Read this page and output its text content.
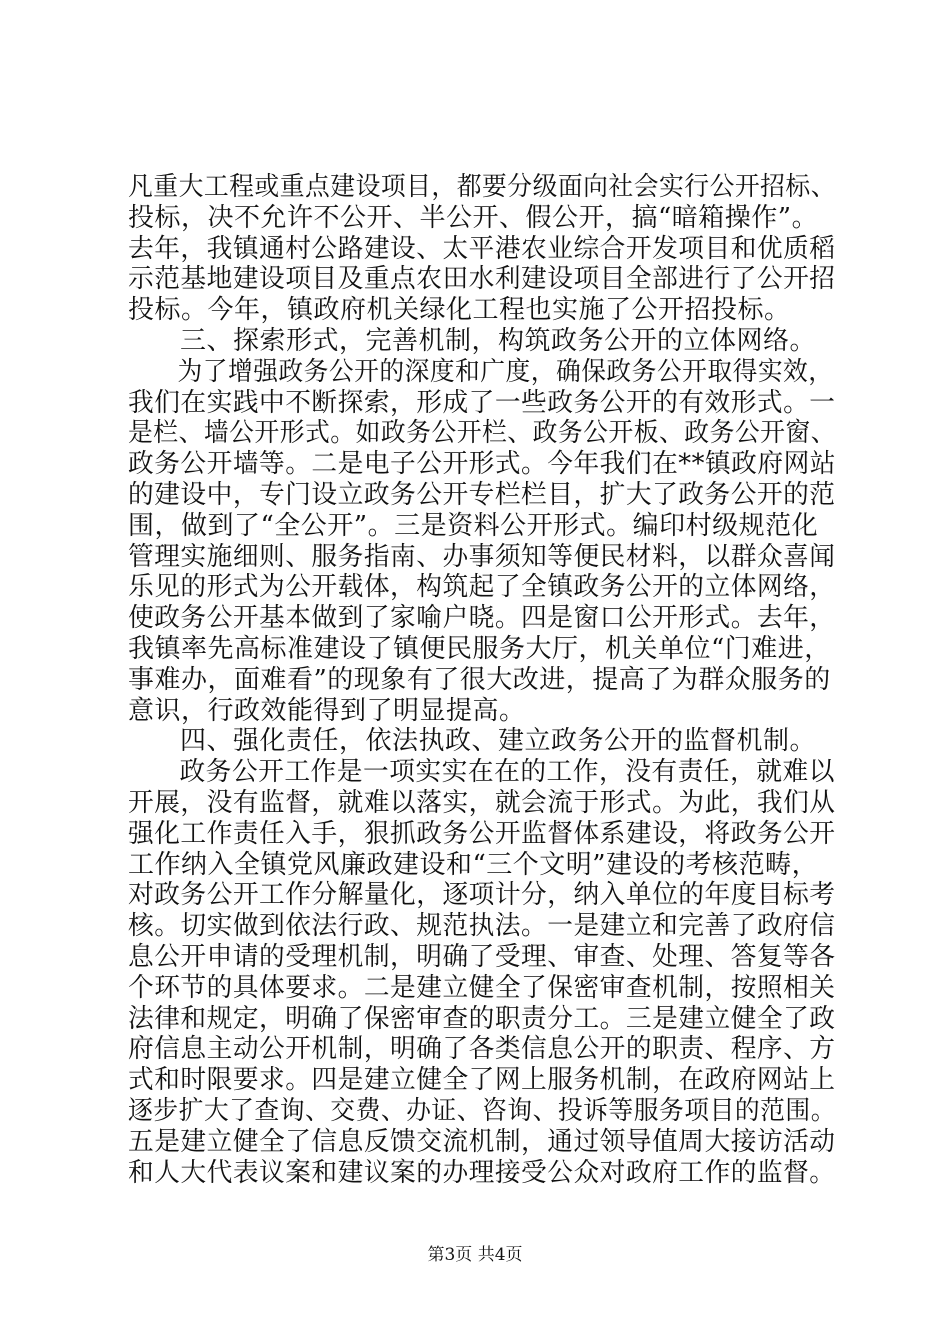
凡重大工程或重点建设项目，都要分级面向社会实行公开招标、
投标，决不允许不公开、半公开、假公开，搞“暗箱操作”。
去年，我镇通村公路建设、太平港农业综合开发项目和优质稻
示范基地建设项目及重点农田水利建设项目全部进行了公开招
投标。今年，镇政府机关绿化工程也实施了公开招投标。
三、探索形式，完善机制，构筑政务公开的立体网络。
为了增强政务公开的深度和广度，确保政务公开取得实效，
我们在实践中不断探索，形成了一些政务公开的有效形式。一
是栏、墙公开形式。如政务公开栏、政务公开板、政务公开窗、
政务公开墙等。二是电子公开形式。今年我们在**镇政府网站
的建设中，专门设立政务公开专栏栏目，扩大了政务公开的范
围，做到了“全公开”。三是资料公开形式。编印村级规范化
管理实施细则、服务指南、办事须知等便民材料，以群众喜闻
乐见的形式为公开载体，构筑起了全镇政务公开的立体网络，
使政务公开基本做到了家喻户晓。四是窗口公开形式。去年，
我镇率先高标准建设了镇便民服务大厅，机关单位“门难进，
事难办，面难看”的现象有了很大改进，提高了为群众服务的
意识，行政效能得到了明显提高。
四、强化责任，依法执政、建立政务公开的监督机制。
政务公开工作是一项实实在在的工作，没有责任，就难以
开展，没有监督，就难以落实，就会流于形式。为此，我们从
强化工作责任入手，狠抓政务公开监督体系建设，将政务公开
工作纳入全镇党风廉政建设和“三个文明”建设的考核范畴，
对政务公开工作分解量化，逐项计分，纳入单位的年度目标考
核。切实做到依法行政、规范执法。一是建立和完善了政府信
息公开申请的受理机制，明确了受理、审查、处理、答复等各
个环节的具体要求。二是建立健全了保密审查机制，按照相关
法律和规定，明确了保密审查的职责分工。三是建立健全了政
府信息主动公开机制，明确了各类信息公开的职责、程序、方
式和时限要求。四是建立健全了网上服务机制，在政府网站上
逐步扩大了查询、交费、办证、咨询、投诉等服务项目的范围。
五是建立健全了信息反馈交流机制，通过领导值周大接访活动
和人大代表议案和建议案的办理接受公众对政府工作的监督。
第3页 共4页
